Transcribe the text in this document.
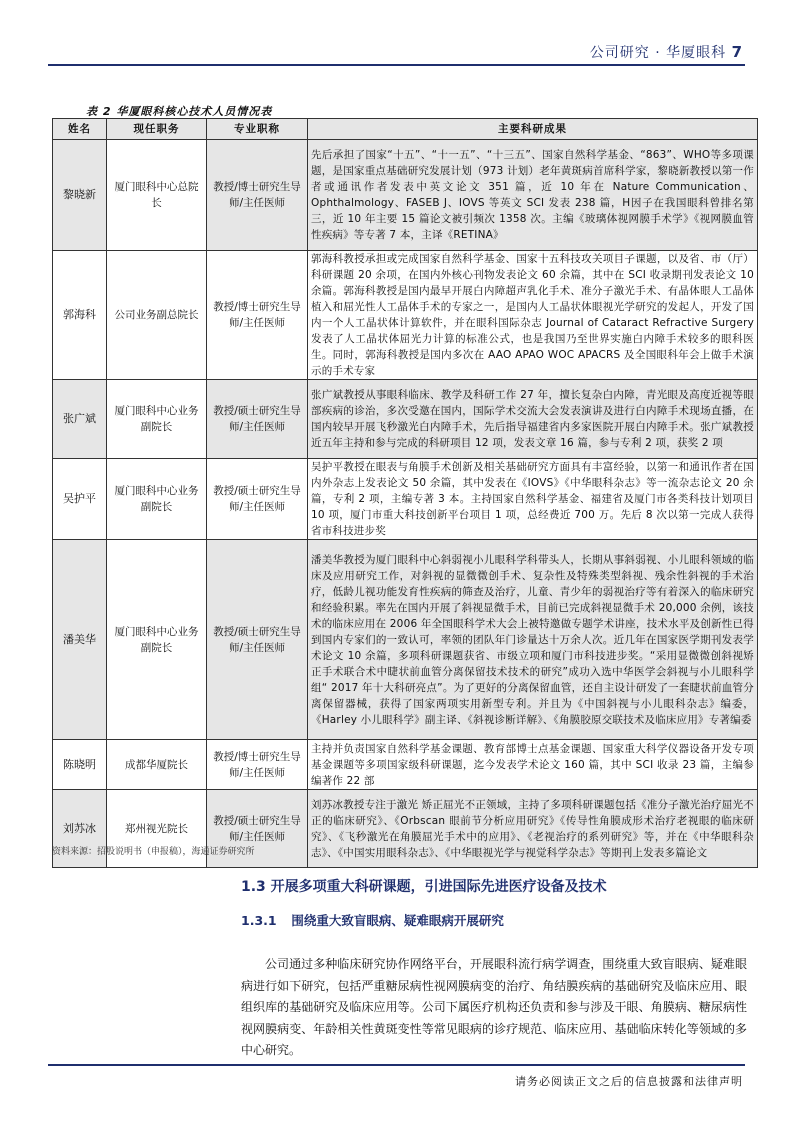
公司研究 · 华厦眼科 7
表 2 华厦眼科核心技术人员情况表
姓名	现任职务	专业职称	主要科研成果
黎晓新	厦门眼科中心总院长	教授/博士研究生导师/主任医师	先后承担了国家“十五”、“十一五”、“十三五”、国家自然科学基金、“863”、WHO等多项课题，是国家重点基础研究发展计划（973 计划）老年黄斑病首席科学家，黎晓新教授以第一作者或通讯作者发表中英文论文 351 篇，近 10 年在 Nature Communication、Ophthalmology、FASEB J、IOVS 等英文 SCI 发表 238 篇，H因子在我国眼科曾排名第三，近 10 年主要 15 篇论文被引频次 1358 次。主编《玻璃体视网膜手术学》《视网膜血管性疾病》等专著 7 本，主译《RETINA》
郭海科	公司业务副总院长	教授/博士研究生导师/主任医师	郭海科教授承担或完成国家自然科学基金、国家十五科技攻关项目子课题，以及省、市（厅）科研课题 20 余项，在国内外核心刊物发表论文 60 余篇，其中在 SCI 收录期刊发表论文 10 余篇。郭海科教授是国内最早开展白内障超声乳化手术、准分子激光手术、有晶体眼人工晶体植入和屈光性人工晶体手术的专家之一，是国内人工晶状体眼视光学研究的发起人，开发了国内一个人工晶状体计算软件，并在眼科国际杂志 Journal of Cataract Refractive Surgery 发表了人工晶状体屈光力计算的标准公式，也是我国乃至世界实施白内障手术较多的眼科医生。同时，郭海科教授是国内多次在 AAO APAO WOC APACRS 及全国眼科年会上做手术演示的手术专家
张广斌	厦门眼科中心业务副院长	教授/硕士研究生导师/主任医师	张广斌教授从事眼科临床、教学及科研工作 27 年，擅长复杂白内障，青光眼及高度近视等眼部疾病的诊治，多次受邀在国内，国际学术交流大会发表演讲及进行白内障手术现场直播，在国内较早开展飞秒激光白内障手术，先后指导福建省内多家医院开展白内障手术。张广斌教授近五年主持和参与完成的科研项目 12 项，发表文章 16 篇，参与专利 2 项，获奖 2 项
吴护平	厦门眼科中心业务副院长	教授/硕士研究生导师/主任医师	吴护平教授在眼表与角膜手术创新及相关基础研究方面具有丰富经验，以第一和通讯作者在国内外杂志上发表论文 50 余篇，其中发表在《IOVS》《中华眼科杂志》等一流杂志论文 20 余篇，专利 2 项，主编专著 3 本。主持国家自然科学基金、福建省及厦门市各类科技计划项目 10 项，厦门市重大科技创新平台项目 1 项，总经费近 700 万。先后 8 次以第一完成人获得省市科技进步奖
潘美华	厦门眼科中心业务副院长	教授/硕士研究生导师/主任医师	潘美华教授为厦门眼科中心斜弱视小儿眼科学科带头人，长期从事斜弱视、小儿眼科领域的临床及应用研究工作，对斜视的显微微创手术、复杂性及特殊类型斜视、残余性斜视的手术治疗，低龄儿视功能发育性疾病的筛查及治疗，儿童、青少年的弱视治疗等有着深入的临床研究和经验积累。率先在国内开展了斜视显微手术，目前已完成斜视显微手术 20,000 余例，该技术的临床应用在 2006 年全国眼科学术大会上被特邀做专题学术讲座，技术水平及创新性已得到国内专家们的一致认可，率领的团队年门诊量达十万余人次。近几年在国家医学期刊发表学术论文 10 余篇，多项科研课题获省、市级立项和厦门市科技进步奖。“采用显微微创斜视矫正手术联合术中睫状前血管分离保留技术技术的研究”成功入选中华医学会斜视与小儿眼科学组“ 2017 年十大科研亮点”。为了更好的分离保留血管，还自主设计研发了一套睫状前血管分离保留器械，获得了国家两项实用新型专利。并且为《中国斜视与小儿眼科杂志》编委，《Harley 小儿眼科学》副主译、《斜视诊断详解》、《角膜胶原交联技术及临床应用》专著编委
陈晓明	成都华厦院长	教授/博士研究生导师/主任医师	主持并负责国家自然科学基金课题、教育部博士点基金课题、国家重大科学仪器设备开发专项基金课题等多项国家级科研课题，迄今发表学术论文 160 篇，其中 SCI 收录 23 篇，主编参编著作 22 部
刘苏冰	郑州视光院长	教授/硕士研究生导师/主任医师	刘苏冰教授专注于激光 矫正屈光不正领域，主持了多项科研课题包括《准分子激光治疗屈光不正的临床研究》、《Orbscan 眼前节分析应用研究》《传导性角膜成形术治疗老视眼的临床研究》、《飞秒激光在角膜屈光手术中的应用》、《老视治疗的系列研究》等，并在《中华眼科杂志》、《中国实用眼科杂志》、《中华眼视光学与视觉科学杂志》等期刊上发表多篇论文
资料来源：招股说明书（申报稿），海通证券研究所
1.3 开展多项重大科研课题，引进国际先进医疗设备及技术
1.3.1 围绕重大致盲眼病、疑难眼病开展研究

公司通过多种临床研究协作网络平台，开展眼科流行病学调查，围绕重大致盲眼病、疑难眼病进行如下研究，包括严重糖尿病性视网膜病变的治疗、角结膜疾病的基础研究及临床应用、眼组织库的基础研究及临床应用等。公司下属医疗机构还负责和参与涉及干眼、角膜病、糖尿病性视网膜病变、年龄相关性黄斑变性等常见眼病的诊疗规范、临床应用、基础临床转化等领域的多中心研究。

请务必阅读正文之后的信息披露和法律声明
